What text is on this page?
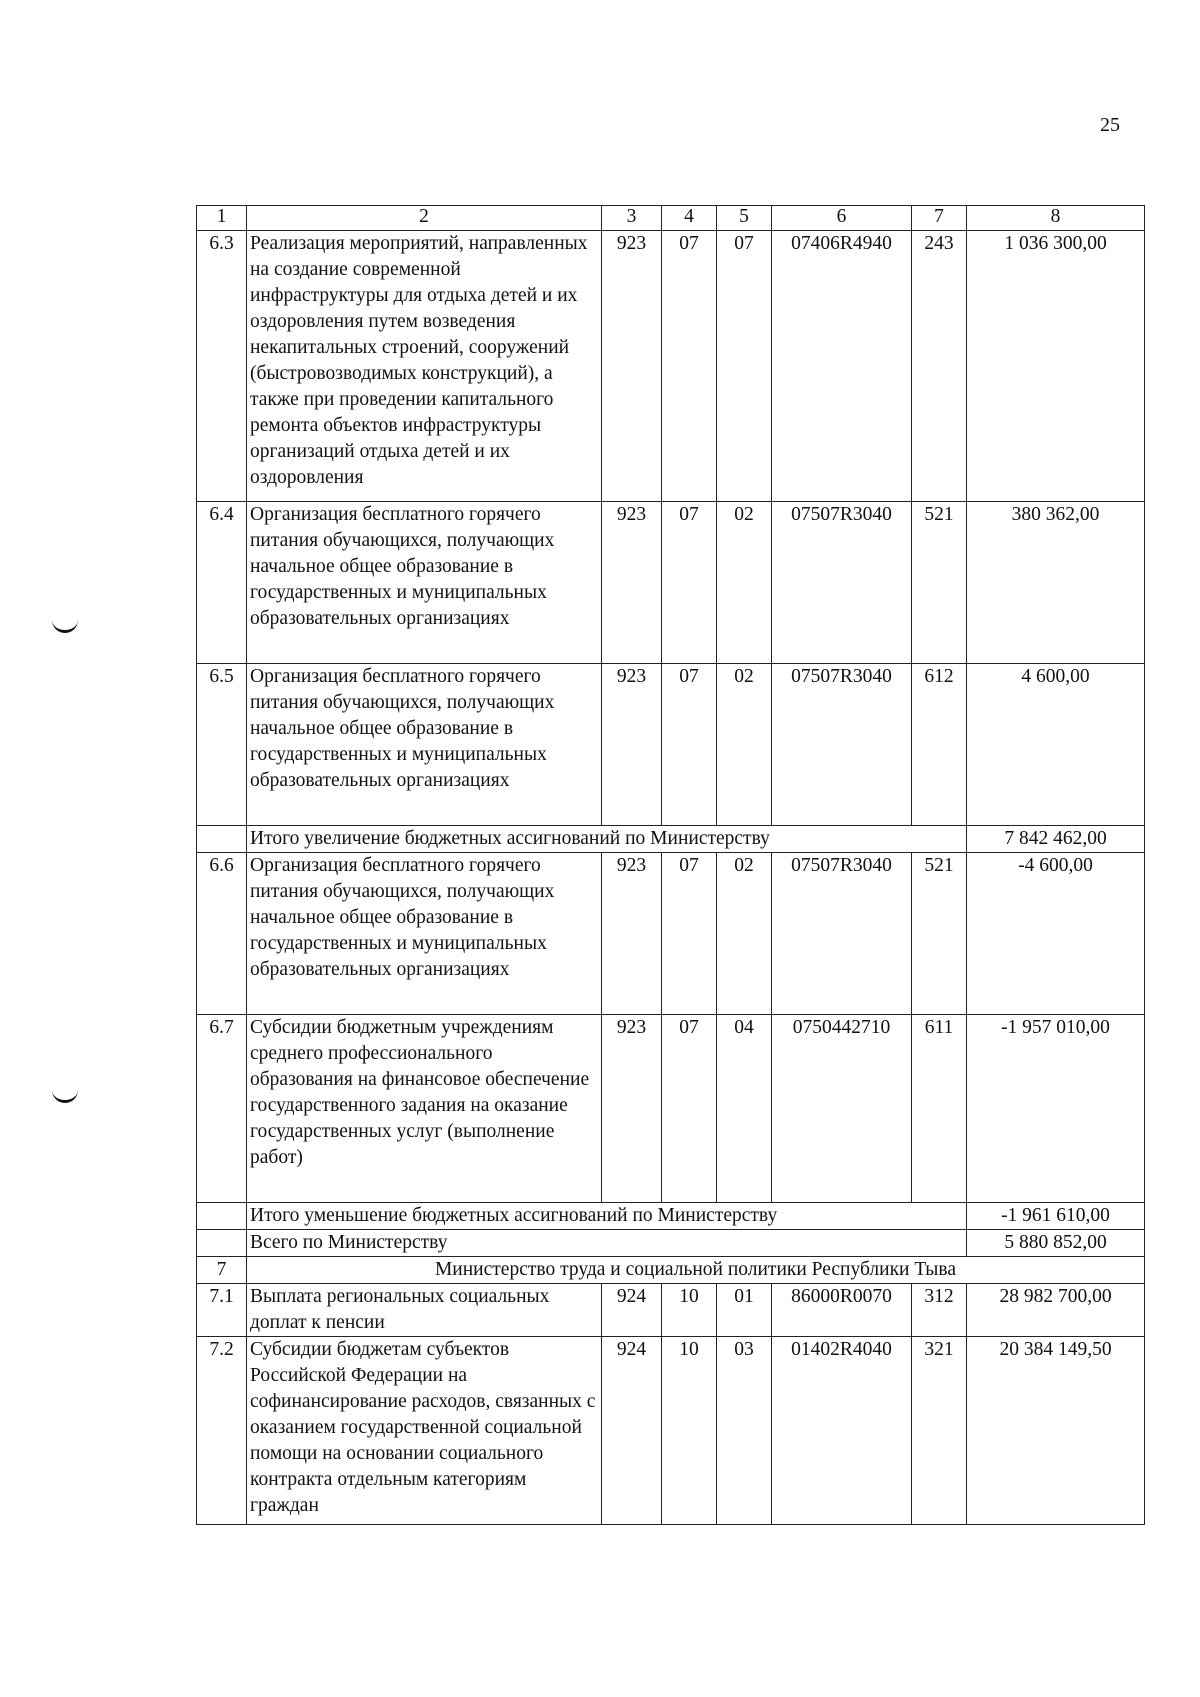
25
1	2	3	4	5	6	7	8
6.3	Реализация мероприятий, направленных на создание современной инфраструктуры для отдыха детей и их оздоровления путем возведения некапитальных строений, сооружений (быстровозводимых конструкций), а также при проведении капитального ремонта объектов инфраструктуры организаций отдыха детей и их оздоровления	923	07	07	07406R4940	243	1 036 300,00
6.4	Организация бесплатного горячего питания обучающихся, получающих начальное общее образование в государственных и муниципальных образовательных организациях	923	07	02	07507R3040	521	380 362,00
6.5	Организация бесплатного горячего питания обучающихся, получающих начальное общее образование в государственных и муниципальных образовательных организациях	923	07	02	07507R3040	612	4 600,00
	Итого увеличение бюджетных ассигнований по Министерству						7 842 462,00
6.6	Организация бесплатного горячего питания обучающихся, получающих начальное общее образование в государственных и муниципальных образовательных организациях	923	07	02	07507R3040	521	-4 600,00
6.7	Субсидии бюджетным учреждениям среднего профессионального образования на финансовое обеспечение государственного задания на оказание государственных услуг (выполнение работ)	923	07	04	0750442710	611	-1 957 010,00
	Итого уменьшение бюджетных ассигнований по Министерству						-1 961 610,00
	Всего по Министерству						5 880 852,00
7	Министерство труда и социальной политики Республики Тыва						
7.1	Выплата региональных социальных доплат к пенсии	924	10	01	86000R0070	312	28 982 700,00
7.2	Субсидии бюджетам субъектов Российской Федерации на софинансирование расходов, связанных с оказанием государственной социальной помощи на основании социального контракта отдельным категориям граждан	924	10	03	01402R4040	321	20 384 149,50
